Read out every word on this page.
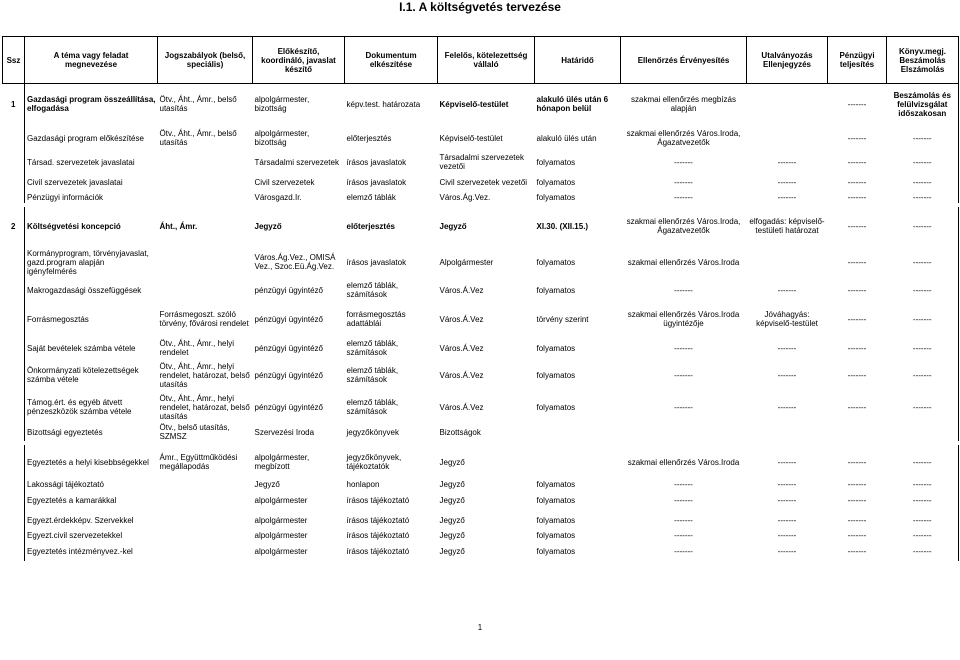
I.1. A költségvetés tervezése
Ssz	A téma vagy feladat megnevezése	Jogszabályok (belső, speciális)	Előkészítő, koordináló, javaslat készítő	Dokumentum elkészítése	Felelős, kötelezettség vállaló	Határidő	Ellenőrzés Érvényesítés	Utalványozás Ellenjegyzés	Pénzügyi teljesítés	Könyv.megj. Beszámolás Elszámolás
1	Gazdasági program összeállítása, elfogadása	Ötv., Áht., Ámr., belső utasítás	alpolgármester, bizottság	képv.test. határozata	Képviselő-testület	alakuló ülés után 6 hónapon belül	szakmai ellenőrzés megbízás alapján		-------	Beszámolás és felülvizsgálat időszakosan
	Gazdasági program előkészítése	Ötv., Áht., Ámr., belső utasítás	alpolgármester, bizottság	előterjesztés	Képviselő-testület	alakuló ülés után	szakmai ellenőrzés Város.Iroda, Ágazatvezetők		-------	-------
	Társad. szervezetek javaslatai		Társadalmi szervezetek	írásos javaslatok	Társadalmi szervezetek vezetői	folyamatos	-------	-------	-------	-------
	Civil szervezetek javaslatai		Civil szervezetek	írásos javaslatok	Civil szervezetek vezetői	folyamatos	-------	-------	-------	-------
	Pénzügyi információk		Városgazd.Ir.	elemző táblák	Város.Ág.Vez.	folyamatos	-------	-------	-------	-------

2	Költségvetési koncepció	Áht., Ámr.	Jegyző	előterjesztés	Jegyző	XI.30. (XII.15.)	szakmai ellenőrzés Város.Iroda, Ágazatvezetők	elfogadás: képviselő-testületi határozat	-------	-------
	Kormányprogram, törvényjavaslat, gazd.program alapján igényfelmérés		Város.Ág.Vez., OMISÁ Vez., Szoc.Eü.Ág.Vez.	írásos javaslatok	Alpolgármester	folyamatos	szakmai ellenőrzés Város.Iroda		-------	-------
	Makrogazdasági összefüggések		pénzügyi ügyintéző	elemző táblák, számítások	Város.Á.Vez	folyamatos	-------	-------	-------	-------
	Forrásmegosztás	Forrásmegoszt. szóló törvény, fővárosi rendelet	pénzügyi ügyintéző	forrásmegosztás adattáblái	Város.Á.Vez	törvény szerint	szakmai ellenőrzés Város.Iroda ügyintézője	Jóváhagyás: képviselő-testület	-------	-------
	Saját bevételek számba vétele	Ötv., Áht., Ámr., helyi rendelet	pénzügyi ügyintéző	elemző táblák, számítások	Város.Á.Vez	folyamatos	-------	-------	-------	-------
	Önkormányzati kötelezettségek számba vétele	Ötv., Áht., Ámr., helyi rendelet, határozat, belső utasítás	pénzügyi ügyintéző	elemző táblák, számítások	Város.Á.Vez	folyamatos	-------	-------	-------	-------
	Támog.ért. és egyéb átvett pénzeszközök számba vétele	Ötv., Áht., Ámr., helyi rendelet, határozat, belső utasítás	pénzügyi ügyintéző	elemző táblák, számítások	Város.Á.Vez	folyamatos	-------	-------	-------	-------
	Bizottsági egyeztetés	Ötv., belső utasítás, SZMSZ	Szervezési Iroda	jegyzőkönyvek	Bizottságok					

	Egyeztetés a helyi kisebbségekkel	Ámr., Együttműködési megállapodás	alpolgármester, megbízott	jegyzőkönyvek, tájékoztatók	Jegyző		szakmai ellenőrzés Város.Iroda	-------	-------	-------
	Lakossági tájékoztató		Jegyző	honlapon	Jegyző	folyamatos	-------	-------	-------	-------
	Egyeztetés a kamarákkal		alpolgármester	írásos tájékoztató	Jegyző	folyamatos	-------	-------	-------	-------
	Egyezt.érdekképv. Szervekkel		alpolgármester	írásos tájékoztató	Jegyző	folyamatos	-------	-------	-------	-------
	Egyezt.civil szervezetekkel		alpolgármester	írásos tájékoztató	Jegyző	folyamatos	-------	-------	-------	-------
	Egyeztetés intézményvez.-kel		alpolgármester	írásos tájékoztató	Jegyző	folyamatos	-------	-------	-------	-------
1
